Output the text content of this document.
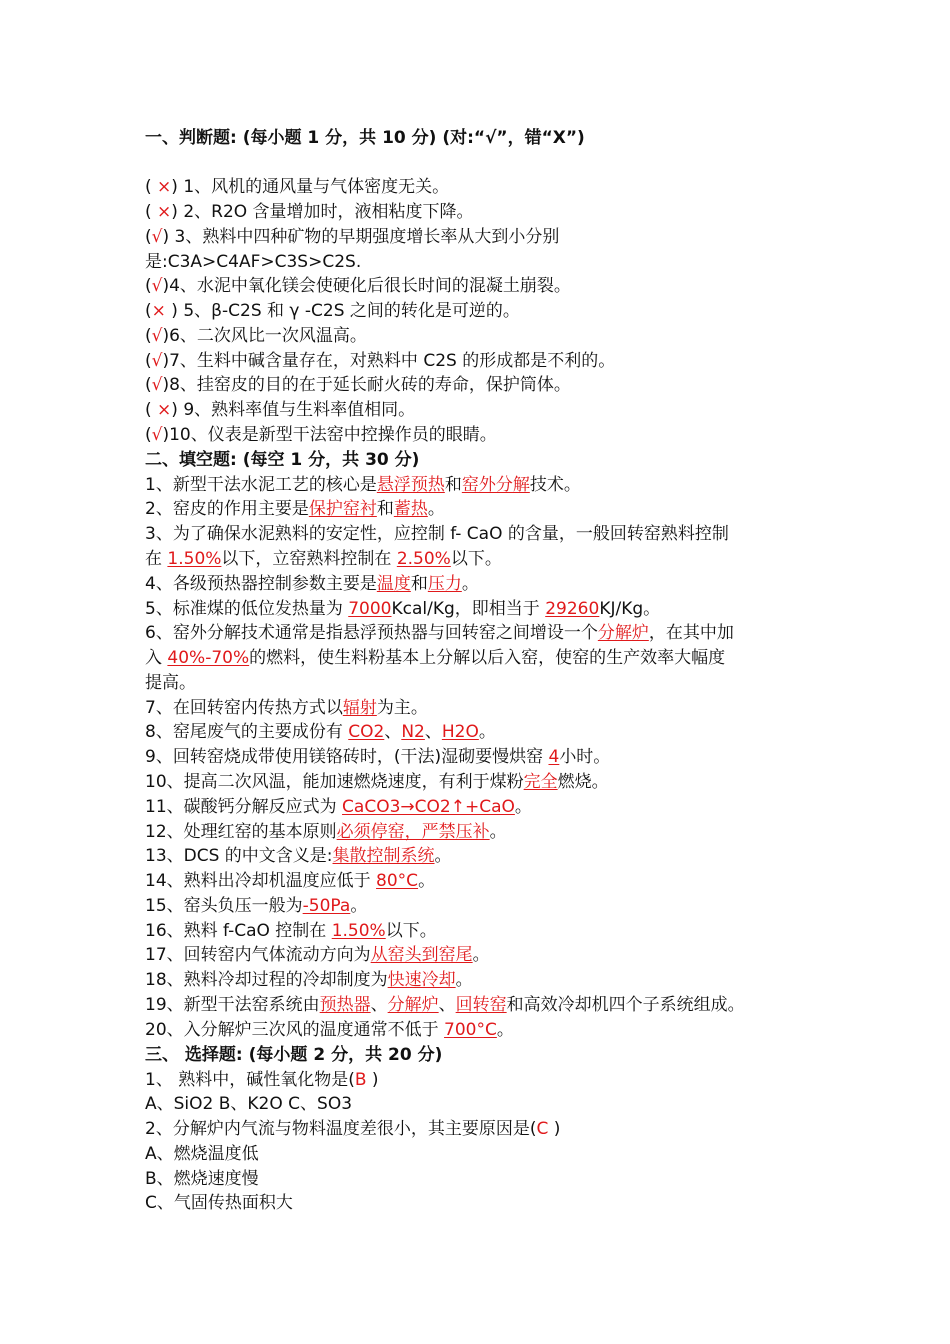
一、判断题: (每小题 1 分，共 10 分) (对:“√”，错“X”)
( ×) 1、风机的通风量与气体密度无关。
( ×) 2、R2O 含量增加时，液相粘度下降。
(√) 3、熟料中四种矿物的早期强度增长率从大到小分别
是:C3A>C4AF>C3S>C2S.
(√)4、水泥中氧化镁会使硬化后很长时间的混凝土崩裂。
(× ) 5、β-C2S 和 γ -C2S 之间的转化是可逆的。
(√)6、二次风比一次风温高。
(√)7、生料中碱含量存在，对熟料中 C2S 的形成都是不利的。
(√)8、挂窑皮的目的在于延长耐火砖的寿命，保护筒体。
( ×) 9、熟料率值与生料率值相同。
(√)10、仪表是新型干法窑中控操作员的眼睛。
二、填空题: (每空 1 分，共 30 分)
1、新型干法水泥工艺的核心是悬浮预热和窑外分解技术。
2、窑皮的作用主要是保护窑衬和蓄热。
3、为了确保水泥熟料的安定性，应控制 f- CaO 的含量，一般回转窑熟料控制
在 1.50%以下，立窑熟料控制在 2.50%以下。
4、各级预热器控制参数主要是温度和压力。
5、标准煤的低位发热量为 7000Kcal/Kg，即相当于 29260KJ/Kg。
6、窑外分解技术通常是指悬浮预热器与回转窑之间增设一个分解炉，在其中加
入 40%-70%的燃料，使生料粉基本上分解以后入窑，使窑的生产效率大幅度
提高。
7、在回转窑内传热方式以辐射为主。
8、窑尾废气的主要成份有 CO2、N2、H2O。
9、回转窑烧成带使用镁铬砖时，(干法)湿砌要慢烘窑 4小时。
10、提高二次风温，能加速燃烧速度，有利于煤粉完全燃烧。
11、碳酸钙分解反应式为 CaCO3→CO2↑+CaO。
12、处理红窑的基本原则必须停窑，严禁压补。
13、DCS 的中文含义是:集散控制系统。
14、熟料出冷却机温度应低于 80°C。
15、窑头负压一般为-50Pa。
16、熟料 f-CaO 控制在 1.50%以下。
17、回转窑内气体流动方向为从窑头到窑尾。
18、熟料冷却过程的冷却制度为快速冷却。
19、新型干法窑系统由预热器、分解炉、回转窑和高效冷却机四个子系统组成。
20、入分解炉三次风的温度通常不低于 700°C。
三、 选择题: (每小题 2 分，共 20 分)
1、 熟料中，碱性氧化物是(B )
A、SiO2 B、K2O C、SO3
2、分解炉内气流与物料温度差很小，其主要原因是(C )
A、燃烧温度低
B、燃烧速度慢
C、气固传热面积大
